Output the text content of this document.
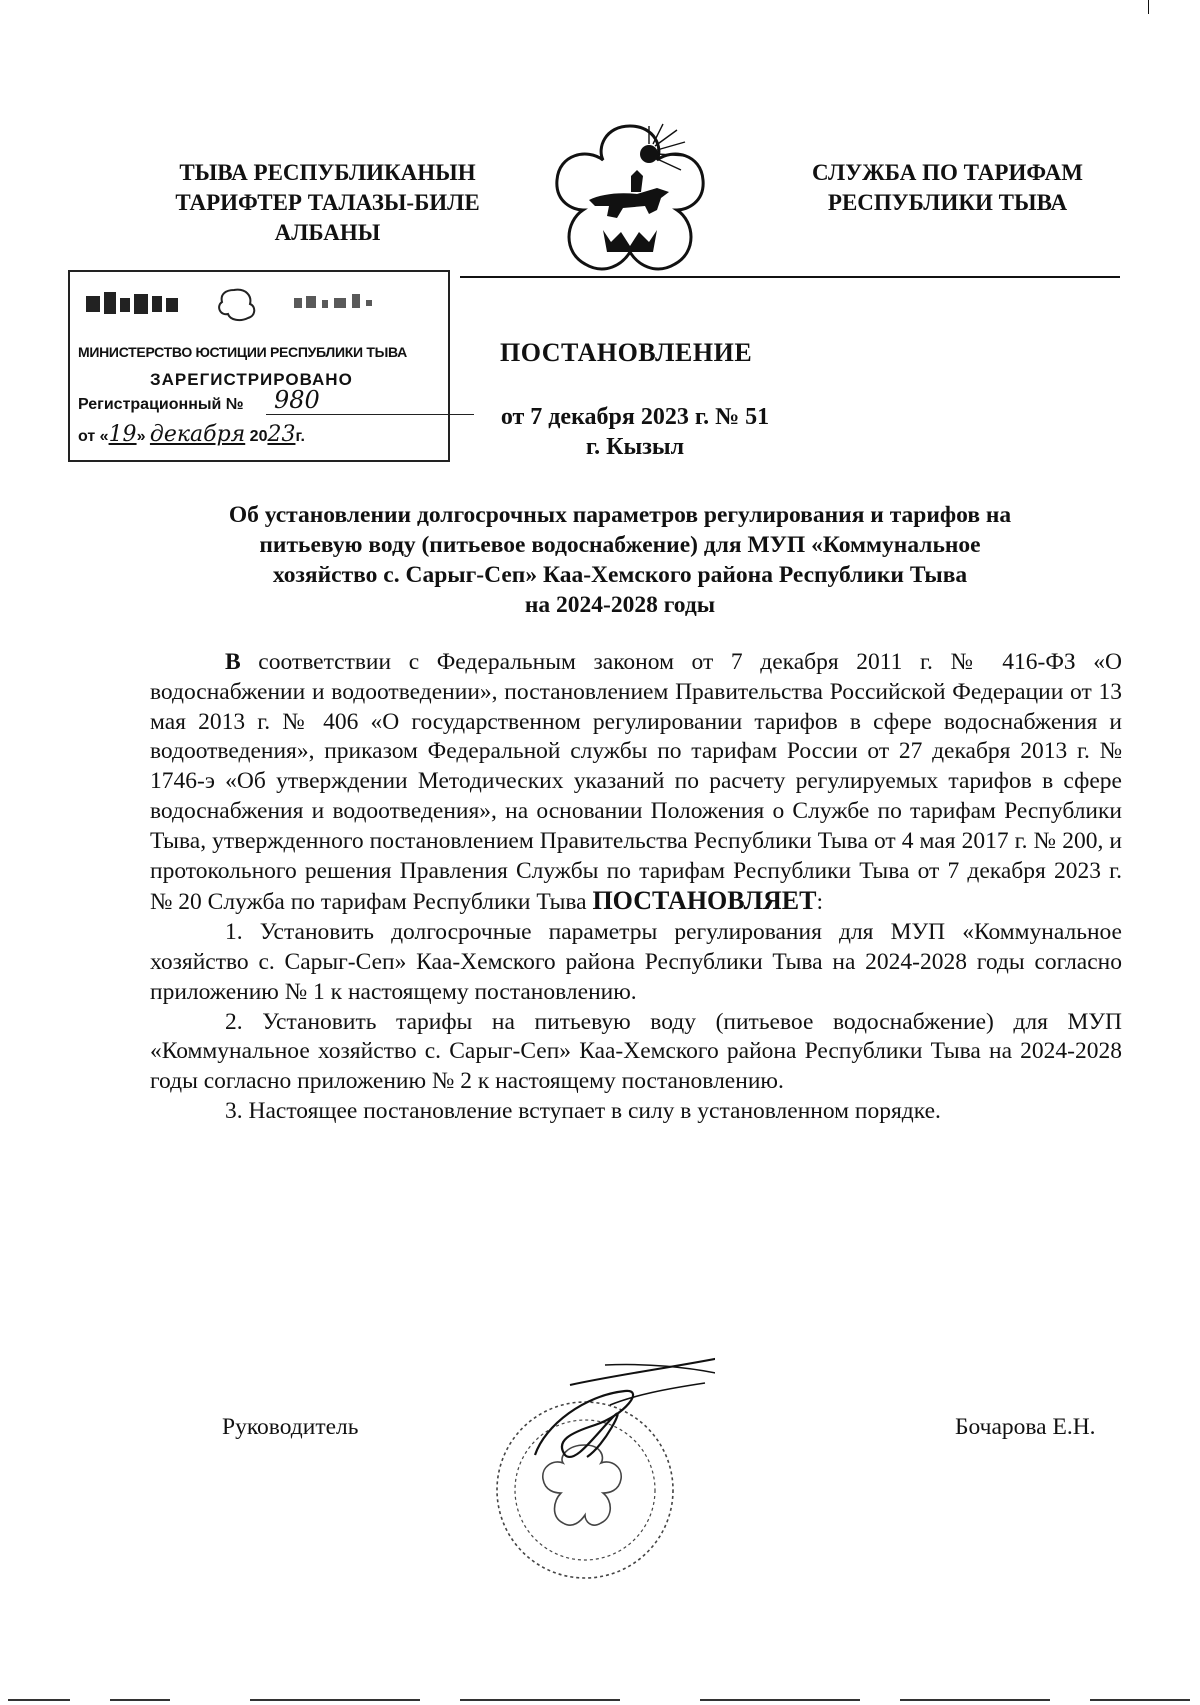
ТЫВА РЕСПУБЛИКАНЫН
ТАРИФТЕР ТАЛАЗЫ-БИЛЕ
АЛБАНЫ
СЛУЖБА ПО ТАРИФАМ
РЕСПУБЛИКИ ТЫВА
МИНИСТЕРСТВО ЮСТИЦИИ РЕСПУБЛИКИ ТЫВА
ЗАРЕГИСТРИРОВАНО
Регистрационный №	980
от «19» декабря 2023г.
ПОСТАНОВЛЕНИЕ
от 7 декабря 2023 г. № 51
г. Кызыл
Об установлении долгосрочных параметров регулирования и тарифов на
питьевую воду (питьевое водоснабжение) для МУП «Коммунальное
хозяйство с. Сарыг-Сеп» Каа-Хемского района Республики Тыва
на 2024-2028 годы

В соответствии с Федеральным законом от 7 декабря 2011 г. № 416-ФЗ «О водоснабжении и водоотведении», постановлением Правительства Российской Федерации от 13 мая 2013 г. № 406 «О государственном регулировании тарифов в сфере водоснабжения и водоотведения», приказом Федеральной службы по тарифам России от 27 декабря 2013 г. № 1746-э «Об утверждении Методических указаний по расчету регулируемых тарифов в сфере водоснабжения и водоотведения», на основании Положения о Службе по тарифам Республики Тыва, утвержденного постановлением Правительства Республики Тыва от 4 мая 2017 г. № 200, и протокольного решения Правления Службы по тарифам Республики Тыва от 7 декабря 2023 г. № 20 Служба по тарифам Республики Тыва ПОСТАНОВЛЯЕТ:

1. Установить долгосрочные параметры регулирования для МУП «Коммунальное хозяйство с. Сарыг-Сеп» Каа-Хемского района Республики Тыва на 2024-2028 годы согласно приложению № 1 к настоящему постановлению.

2. Установить тарифы на питьевую воду (питьевое водоснабжение) для МУП «Коммунальное хозяйство с. Сарыг-Сеп» Каа-Хемского района Республики Тыва на 2024-2028 годы согласно приложению № 2 к настоящему постановлению.

3. Настоящее постановление вступает в силу в установленном порядке.

Руководитель	Бочарова Е.Н.
